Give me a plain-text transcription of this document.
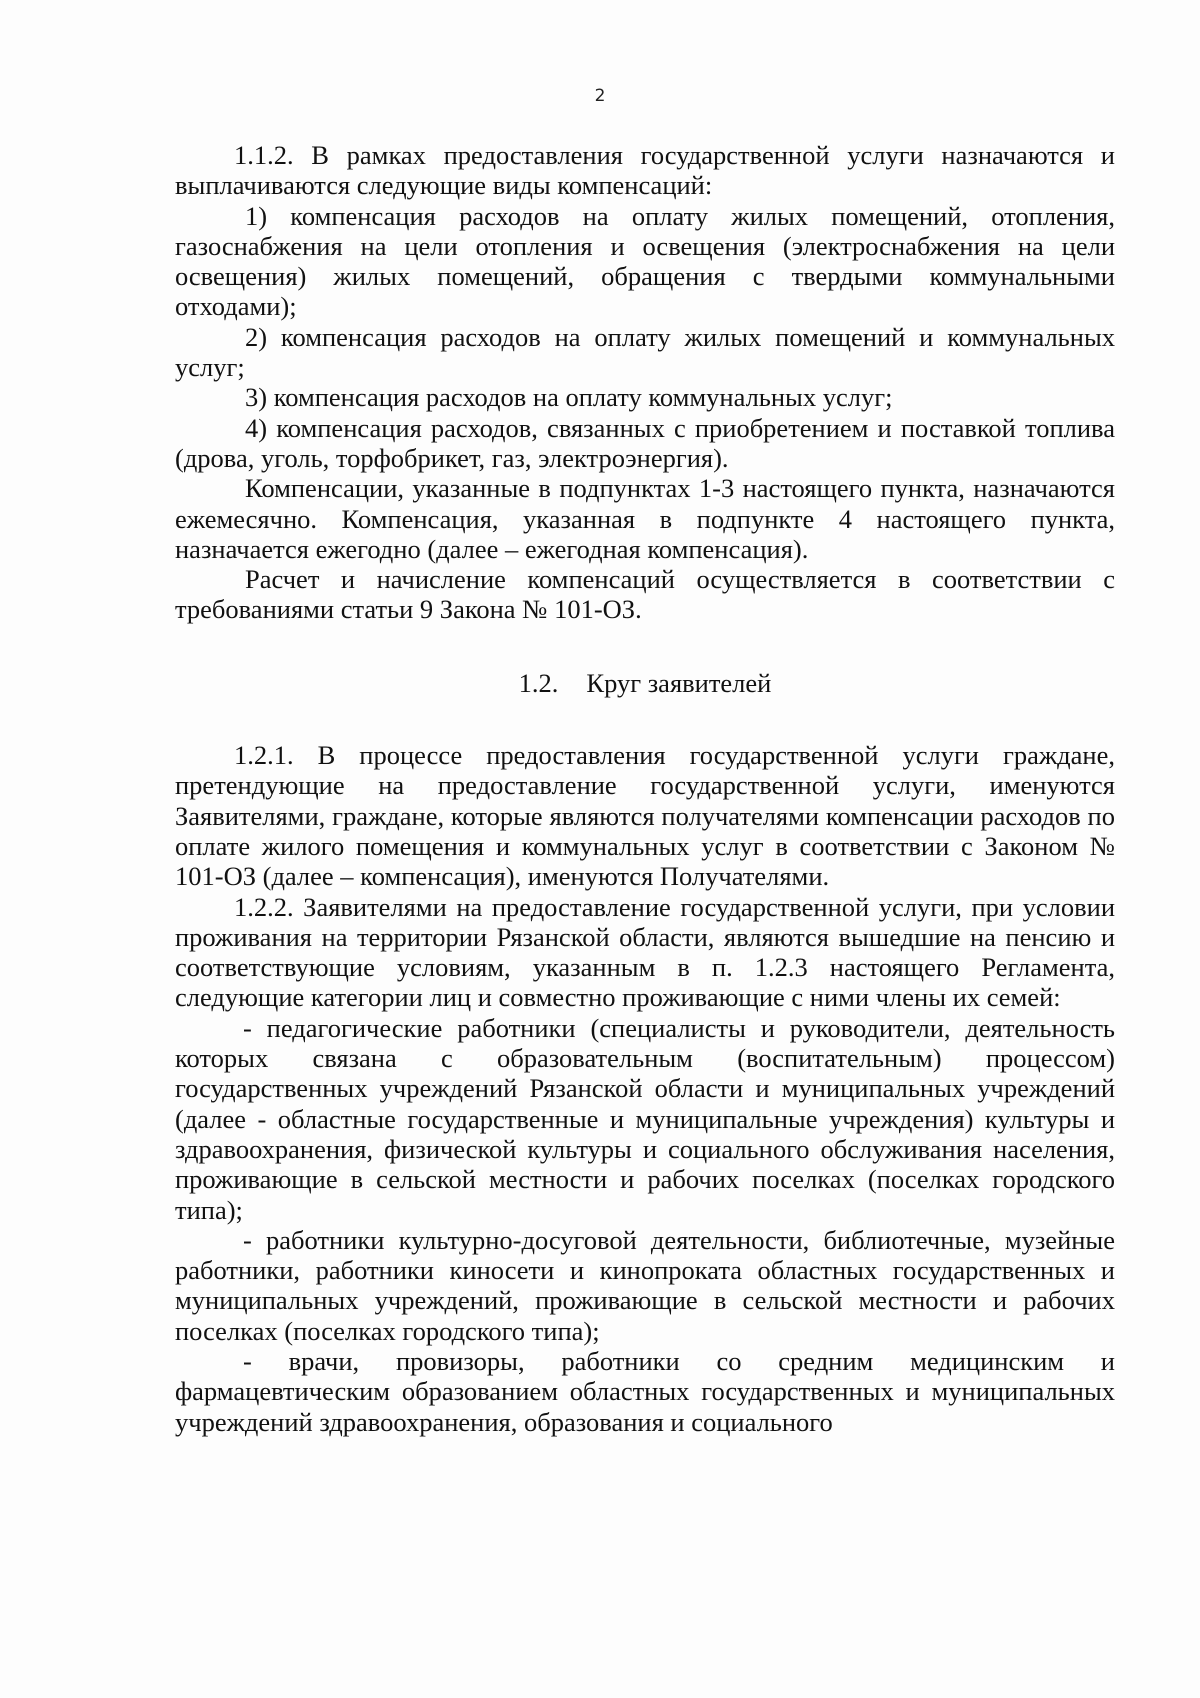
2

1.1.2. В рамках предоставления государственной услуги назначаются и выплачиваются следующие виды компенсаций:

1) компенсация расходов на оплату жилых помещений, отопления, газоснабжения на цели отопления и освещения (электроснабжения на цели освещения) жилых помещений, обращения с твердыми коммунальными отходами);

2) компенсация расходов на оплату жилых помещений и коммунальных услуг;

3) компенсация расходов на оплату коммунальных услуг;

4) компенсация расходов, связанных с приобретением и поставкой топлива (дрова, уголь, торфобрикет, газ, электроэнергия).

Компенсации, указанные в подпунктах 1-3 настоящего пункта, назначаются ежемесячно. Компенсация, указанная в подпункте 4 настоящего пункта, назначается ежегодно (далее – ежегодная компенсация).

Расчет и начисление компенсаций осуществляется в соответствии с требованиями статьи 9 Закона № 101-ОЗ.

1.2. Круг заявителей

1.2.1. В процессе предоставления государственной услуги граждане, претендующие на предоставление государственной услуги, именуются Заявителями, граждане, которые являются получателями компенсации расходов по оплате жилого помещения и коммунальных услуг в соответствии с Законом № 101-ОЗ (далее – компенсация), именуются Получателями.

1.2.2. Заявителями на предоставление государственной услуги, при условии проживания на территории Рязанской области, являются вышедшие на пенсию и соответствующие условиям, указанным в п. 1.2.3 настоящего Регламента, следующие категории лиц и совместно проживающие с ними члены их семей:

- педагогические работники (специалисты и руководители, деятельность которых связана с образовательным (воспитательным) процессом) государственных учреждений Рязанской области и муниципальных учреждений (далее - областные государственные и муниципальные учреждения) культуры и здравоохранения, физической культуры и социального обслуживания населения, проживающие в сельской местности и рабочих поселках (поселках городского типа);

- работники культурно-досуговой деятельности, библиотечные, музейные работники, работники киносети и кинопроката областных государственных и муниципальных учреждений, проживающие в сельской местности и рабочих поселках (поселках городского типа);

- врачи, провизоры, работники со средним медицинским и фармацевтическим образованием областных государственных и муниципальных учреждений здравоохранения, образования и социального
